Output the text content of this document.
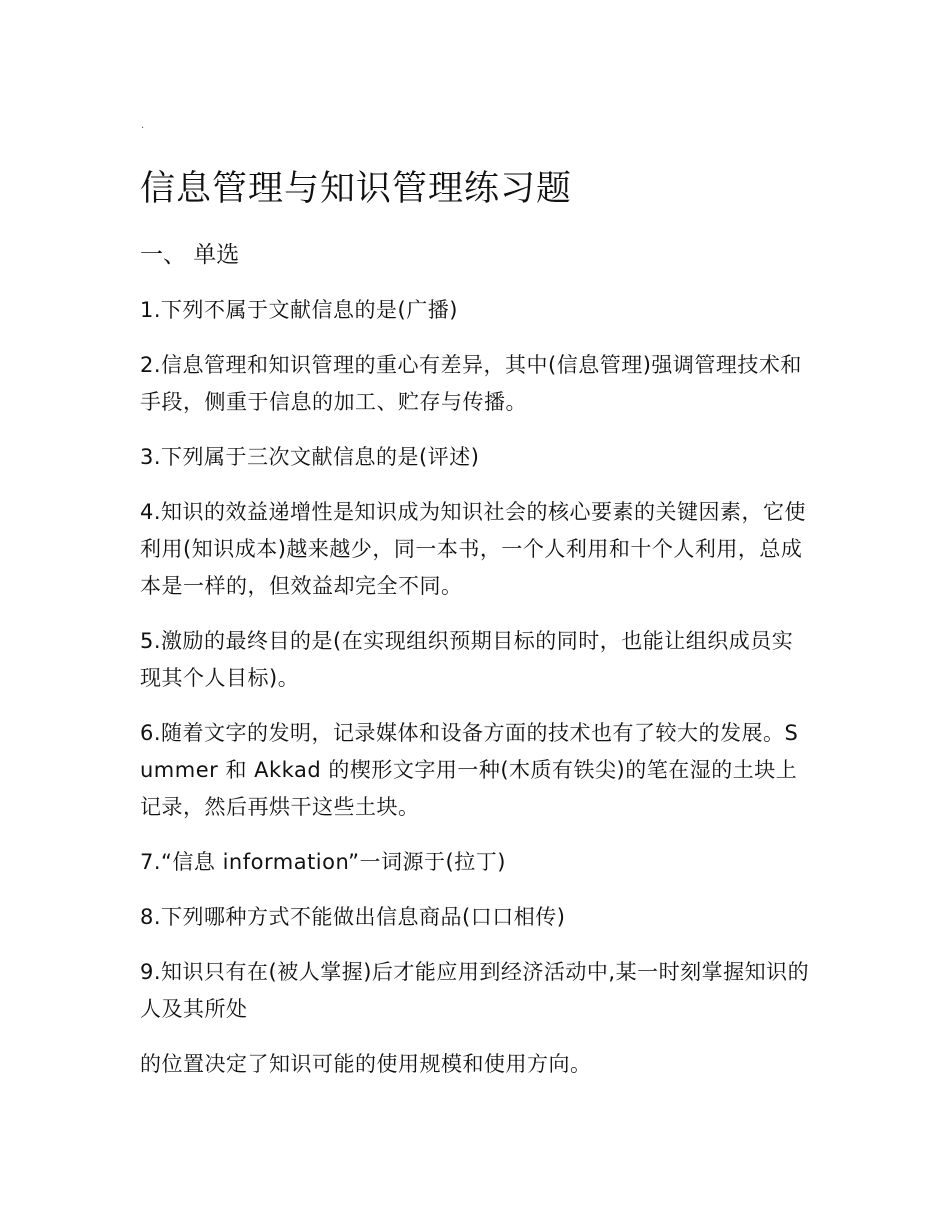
.
信息管理与知识管理练习题
一、 单选
1.下列不属于文献信息的是(广播)
2.信息管理和知识管理的重心有差异，其中(信息管理)强调管理技术和手段，侧重于信息的加工、贮存与传播。
3.下列属于三次文献信息的是(评述)
4.知识的效益递增性是知识成为知识社会的核心要素的关键因素，它使利用(知识成本)越来越少，同一本书，一个人利用和十个人利用，总成本是一样的，但效益却完全不同。
5.激励的最终目的是(在实现组织预期目标的同时，也能让组织成员实现其个人目标)。
6.随着文字的发明，记录媒体和设备方面的技术也有了较大的发展。Summer 和 Akkad 的楔形文字用一种(木质有铁尖)的笔在湿的土块上记录，然后再烘干这些土块。
7.“信息 information”一词源于(拉丁)
8.下列哪种方式不能做出信息商品(口口相传)
9.知识只有在(被人掌握)后才能应用到经济活动中,某一时刻掌握知识的人及其所处
的位置决定了知识可能的使用规模和使用方向。
